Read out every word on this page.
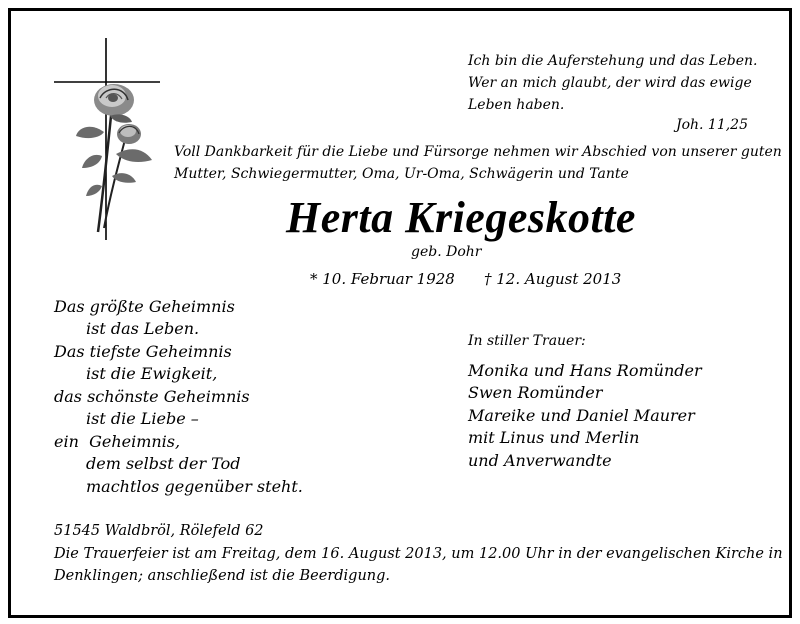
Ich bin die Auferstehung und das Leben.
Wer an mich glaubt, der wird das ewige
Leben haben.
Joh. 11,25
Voll Dankbarkeit für die Liebe und Fürsorge nehmen wir Abschied von unserer guten
Mutter, Schwiegermutter, Oma, Ur-Oma, Schwägerin und Tante
Herta Kriegeskotte
geb. Dohr
* 10. Februar 1928 † 12. August 2013
Das größte Geheimnis
ist das Leben.
Das tiefste Geheimnis
ist die Ewigkeit,
das schönste Geheimnis
ist die Liebe –
ein  Geheimnis,
dem selbst der Tod
machtlos gegenüber steht.
In stiller Trauer:
Monika und Hans Romünder
Swen Romünder
Mareike und Daniel Maurer
mit Linus und Merlin
und Anverwandte
51545 Waldbröl, Rölefeld 62
Die Trauerfeier ist am Freitag, dem 16. August 2013, um 12.00 Uhr in der evangelischen Kirche in
Denklingen; anschließend ist die Beerdigung.
